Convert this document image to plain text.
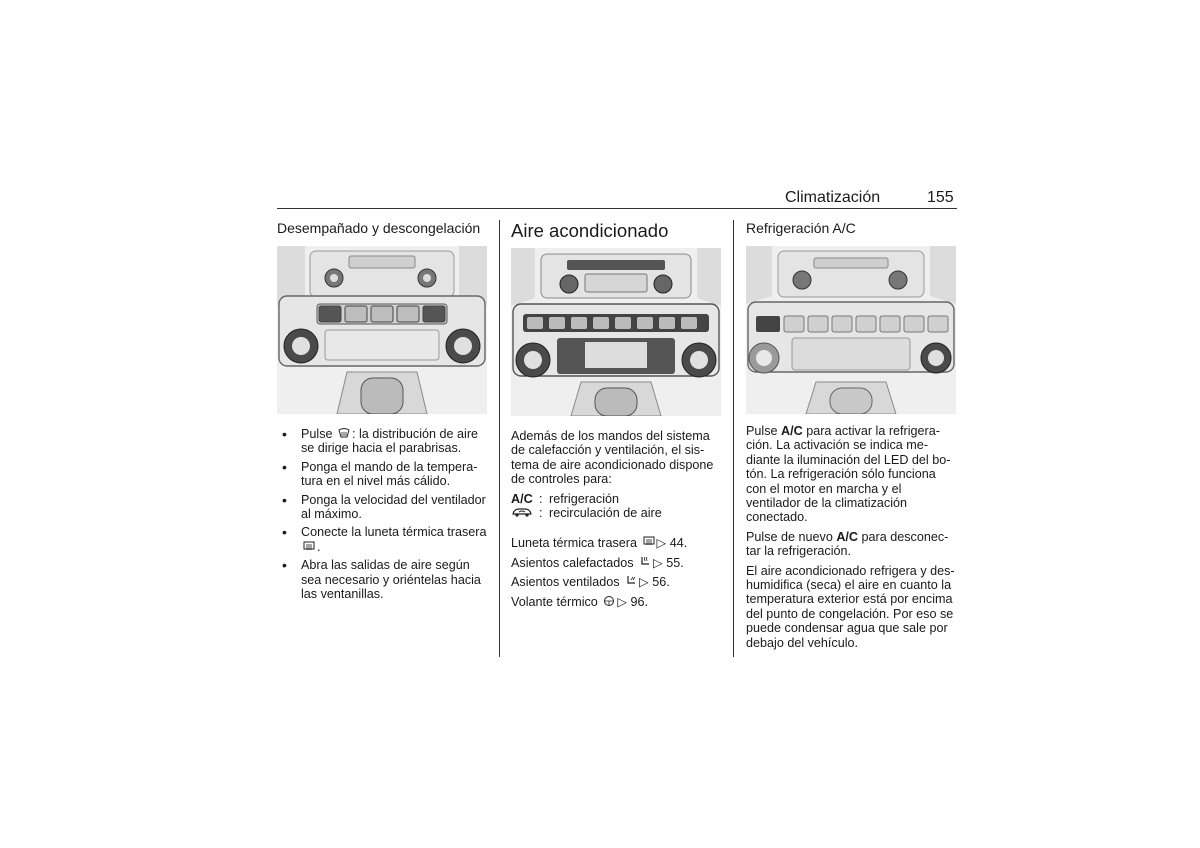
Climatización	155
Desempañado y descongelación
• Pulse : la distribución de aire se dirige hacia el parabrisas.
• Ponga el mando de la temperatura en el nivel más cálido.
• Ponga la velocidad del ventilador al máximo.
• Conecte la luneta térmica trasera .
• Abra las salidas de aire según sea necesario y oriéntelas hacia las ventanillas.
Aire acondicionado

Además de los mandos del sistema de calefacción y ventilación, el sistema de aire acondicionado dispone de controles para:

A/C : refrigeración
: recirculación de aire
Luneta térmica trasera
▷
44.
Asientos calefactados
▷
55.
Asientos ventilados
▷
56.
Volante térmico
▷
96.
Refrigeración A/C

Pulse A/C para activar la refrigeración. La activación se indica mediante la iluminación del LED del botón. La refrigeración sólo funciona con el motor en marcha y el ventilador de la climatización conectado.

Pulse de nuevo A/C para desconectar la refrigeración.

El aire acondicionado refrigera y deshumidifica (seca) el aire en cuanto la temperatura exterior está por encima del punto de congelación. Por eso se puede condensar agua que sale por debajo del vehículo.
